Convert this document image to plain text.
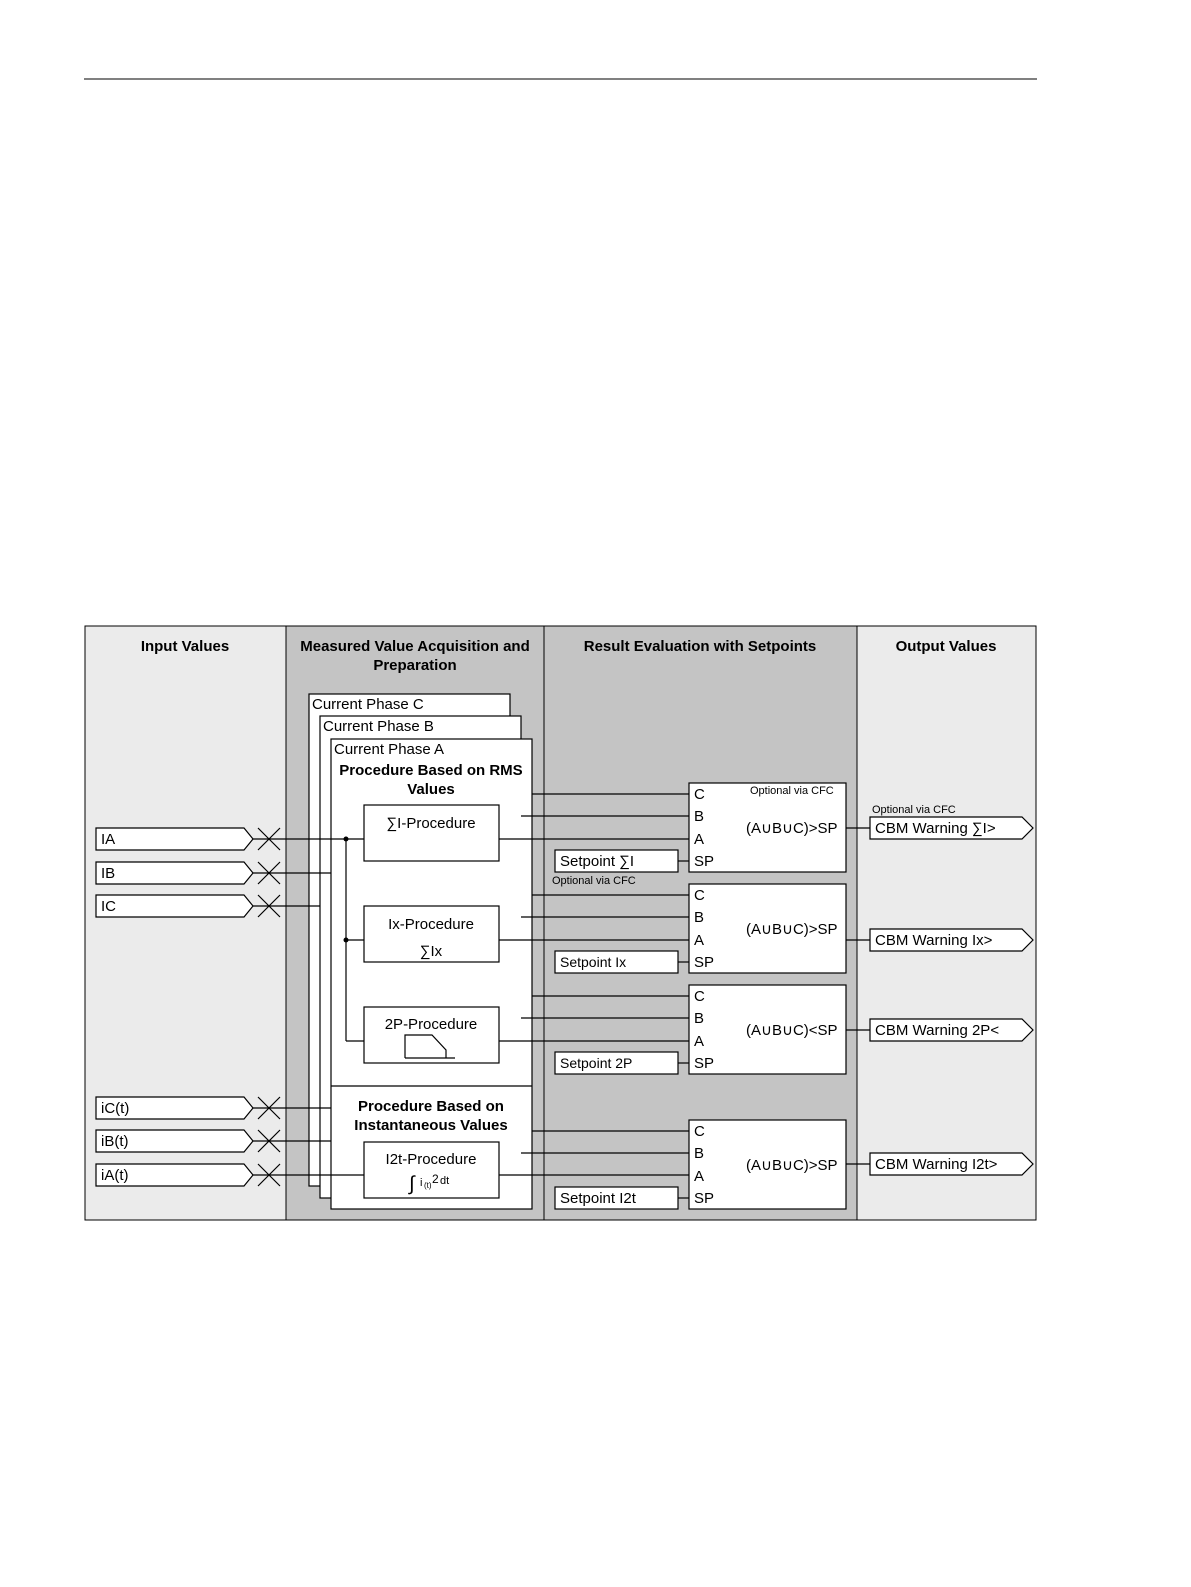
Input Values	Measured Value Acquisition and
Preparation
Result Evaluation with Setpoints	Output Values
Current Phase C
Current Phase B
Current Phase A
Procedure Based on RMS
Values
Procedure Based on
Instantaneous Values
∑I-Procedure
Ix-Procedure
∑Ix
2P-Procedure
I2t-Procedure
∫ i (t) 2 dt
IA
IB
IC
iC(t)
iB(t)
iA(t)
Optional via CFC
C
B
A
SP
(A∪B∪C)>SP
Setpoint ∑I
Optional via CFC
Optional via CFC
CBM Warning ∑I>
C
B
A
SP
(A∪B∪C)>SP
Setpoint Ix
CBM Warning Ix>
C
B
A
SP
(A∪B∪C)<SP
Setpoint 2P
CBM Warning 2P<
C
B
A
SP
(A∪B∪C)>SP
Setpoint I2t
CBM Warning I2t>
